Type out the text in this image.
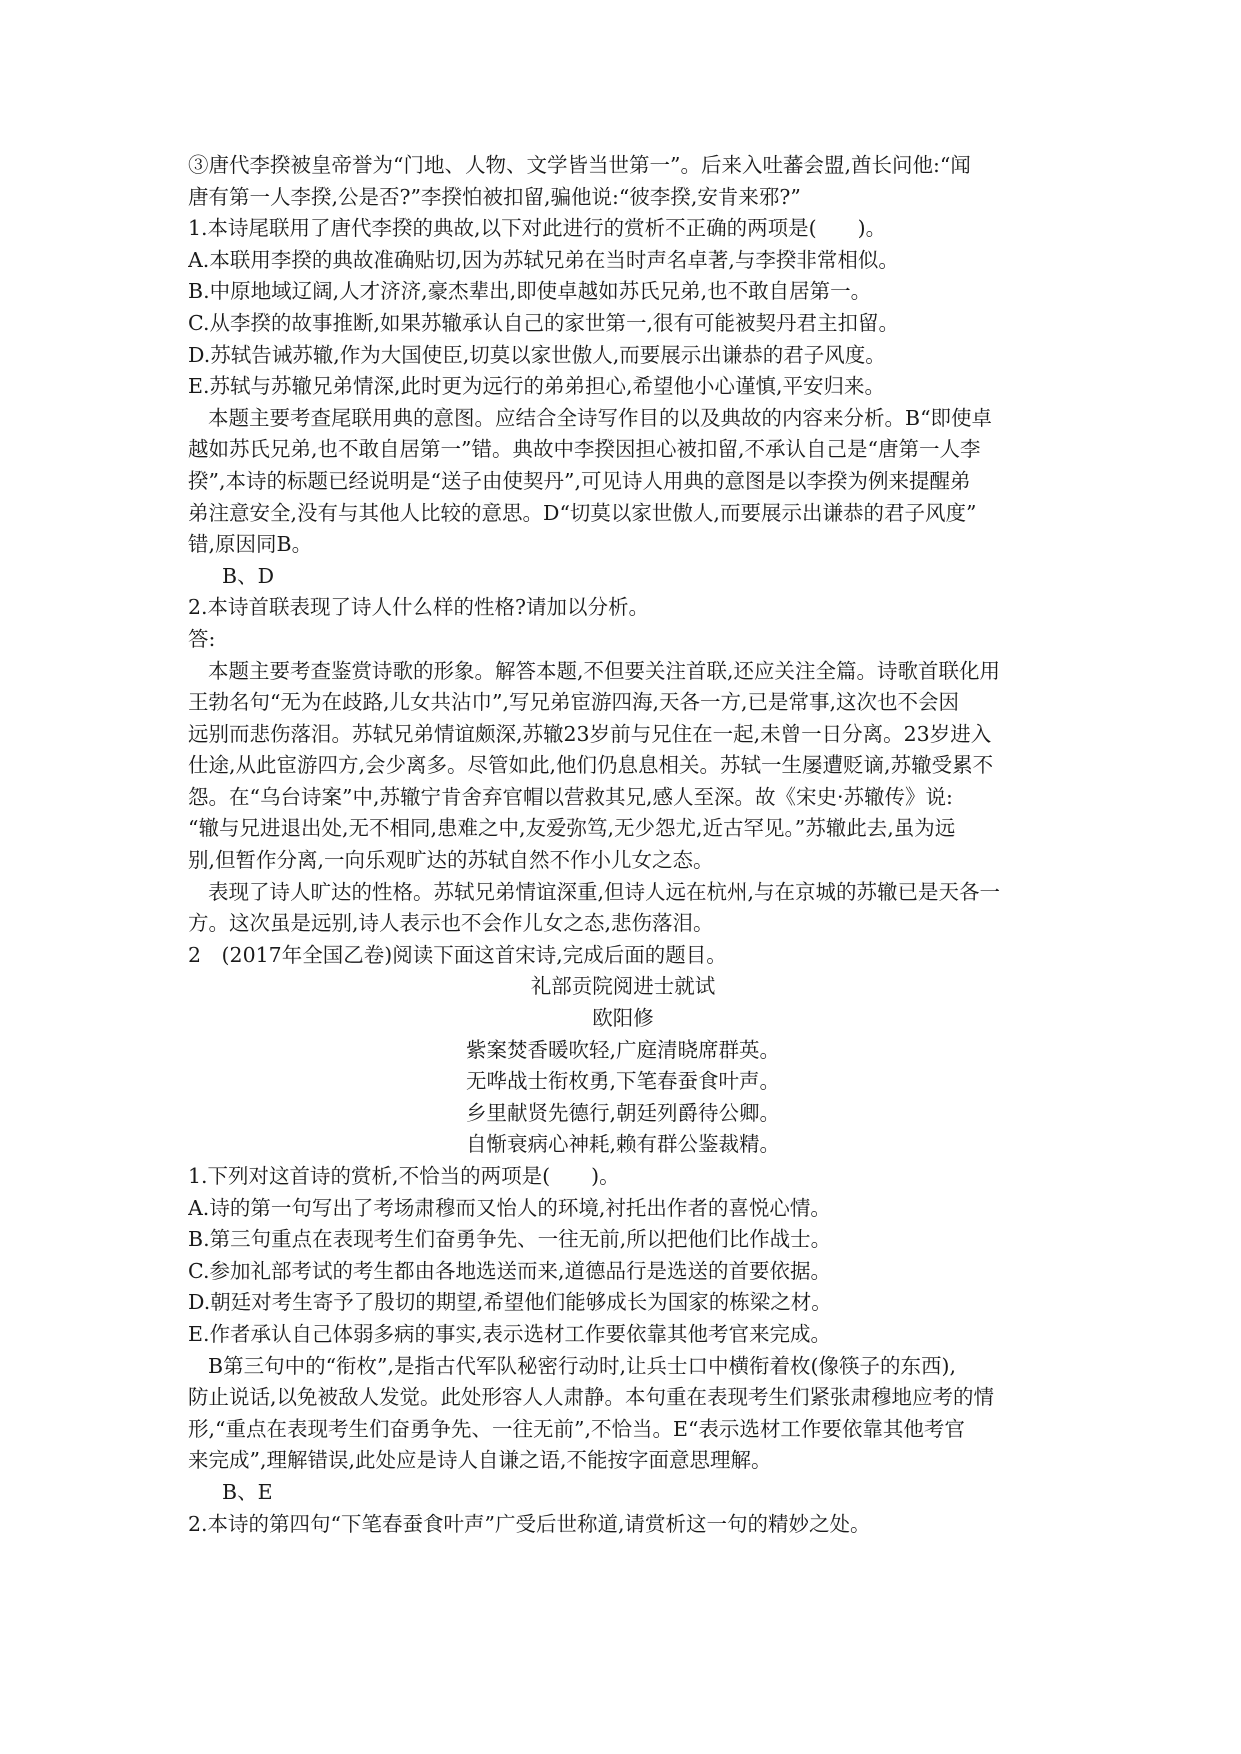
③唐代李揆被皇帝誉为“门地、人物、文学皆当世第一”。后来入吐蕃会盟,酋长问他:“闻
唐有第一人李揆,公是否?”李揆怕被扣留,骗他说:“彼李揆,安肯来邪?”
1.本诗尾联用了唐代李揆的典故,以下对此进行的赏析不正确的两项是(　　)。
A.本联用李揆的典故准确贴切,因为苏轼兄弟在当时声名卓著,与李揆非常相似。
B.中原地域辽阔,人才济济,豪杰辈出,即使卓越如苏氏兄弟,也不敢自居第一。
C.从李揆的故事推断,如果苏辙承认自己的家世第一,很有可能被契丹君主扣留。
D.苏轼告诫苏辙,作为大国使臣,切莫以家世傲人,而要展示出谦恭的君子风度。
E.苏轼与苏辙兄弟情深,此时更为远行的弟弟担心,希望他小心谨慎,平安归来。
本题主要考查尾联用典的意图。应结合全诗写作目的以及典故的内容来分析。B“即使卓
越如苏氏兄弟,也不敢自居第一”错。典故中李揆因担心被扣留,不承认自己是“唐第一人李
揆”,本诗的标题已经说明是“送子由使契丹”,可见诗人用典的意图是以李揆为例来提醒弟
弟注意安全,没有与其他人比较的意思。D“切莫以家世傲人,而要展示出谦恭的君子风度”
错,原因同B。
B、D
2.本诗首联表现了诗人什么样的性格?请加以分析。
答:
本题主要考查鉴赏诗歌的形象。解答本题,不但要关注首联,还应关注全篇。诗歌首联化用
王勃名句“无为在歧路,儿女共沾巾”,写兄弟宦游四海,天各一方,已是常事,这次也不会因
远别而悲伤落泪。苏轼兄弟情谊颇深,苏辙23岁前与兄住在一起,未曾一日分离。23岁进入
仕途,从此宦游四方,会少离多。尽管如此,他们仍息息相关。苏轼一生屡遭贬谪,苏辙受累不
怨。在“乌台诗案”中,苏辙宁肯舍弃官帽以营救其兄,感人至深。故《宋史·苏辙传》说:
“辙与兄进退出处,无不相同,患难之中,友爱弥笃,无少怨尤,近古罕见。”苏辙此去,虽为远
别,但暂作分离,一向乐观旷达的苏轼自然不作小儿女之态。
表现了诗人旷达的性格。苏轼兄弟情谊深重,但诗人远在杭州,与在京城的苏辙已是天各一
方。这次虽是远别,诗人表示也不会作儿女之态,悲伤落泪。
2　(2017年全国乙卷)阅读下面这首宋诗,完成后面的题目。
礼部贡院阅进士就试
欧阳修
紫案焚香暖吹轻,广庭清晓席群英。
无哗战士衔枚勇,下笔春蚕食叶声。
乡里献贤先德行,朝廷列爵待公卿。
自惭衰病心神耗,赖有群公鉴裁精。
1.下列对这首诗的赏析,不恰当的两项是(　　)。
A.诗的第一句写出了考场肃穆而又怡人的环境,衬托出作者的喜悦心情。
B.第三句重点在表现考生们奋勇争先、一往无前,所以把他们比作战士。
C.参加礼部考试的考生都由各地选送而来,道德品行是选送的首要依据。
D.朝廷对考生寄予了殷切的期望,希望他们能够成长为国家的栋梁之材。
E.作者承认自己体弱多病的事实,表示选材工作要依靠其他考官来完成。
B第三句中的“衔枚”,是指古代军队秘密行动时,让兵士口中横衔着枚(像筷子的东西),
防止说话,以免被敌人发觉。此处形容人人肃静。本句重在表现考生们紧张肃穆地应考的情
形,“重点在表现考生们奋勇争先、一往无前”,不恰当。E“表示选材工作要依靠其他考官
来完成”,理解错误,此处应是诗人自谦之语,不能按字面意思理解。
B、E
2.本诗的第四句“下笔春蚕食叶声”广受后世称道,请赏析这一句的精妙之处。
